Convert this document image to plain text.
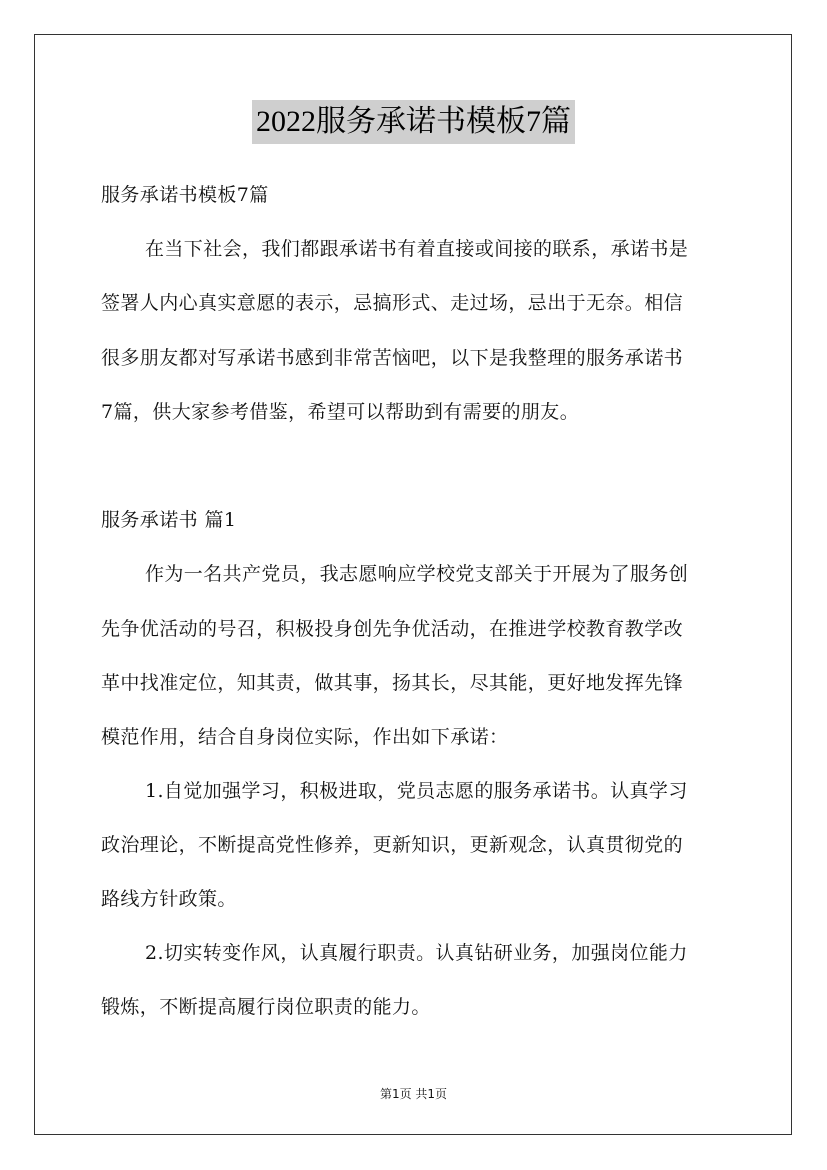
2022服务承诺书模板7篇
服务承诺书模板7篇
在当下社会，我们都跟承诺书有着直接或间接的联系，承诺书是
签署人内心真实意愿的表示，忌搞形式、走过场，忌出于无奈。相信
很多朋友都对写承诺书感到非常苦恼吧，以下是我整理的服务承诺书
7篇，供大家参考借鉴，希望可以帮助到有需要的朋友。
服务承诺书 篇1
作为一名共产党员，我志愿响应学校党支部关于开展为了服务创
先争优活动的号召，积极投身创先争优活动，在推进学校教育教学改
革中找准定位，知其责，做其事，扬其长，尽其能，更好地发挥先锋
模范作用，结合自身岗位实际，作出如下承诺：
1.自觉加强学习，积极进取，党员志愿的服务承诺书。认真学习
政治理论，不断提高党性修养，更新知识，更新观念，认真贯彻党的
路线方针政策。
2.切实转变作风，认真履行职责。认真钻研业务，加强岗位能力
锻炼，不断提高履行岗位职责的能力。
第1页 共1页
